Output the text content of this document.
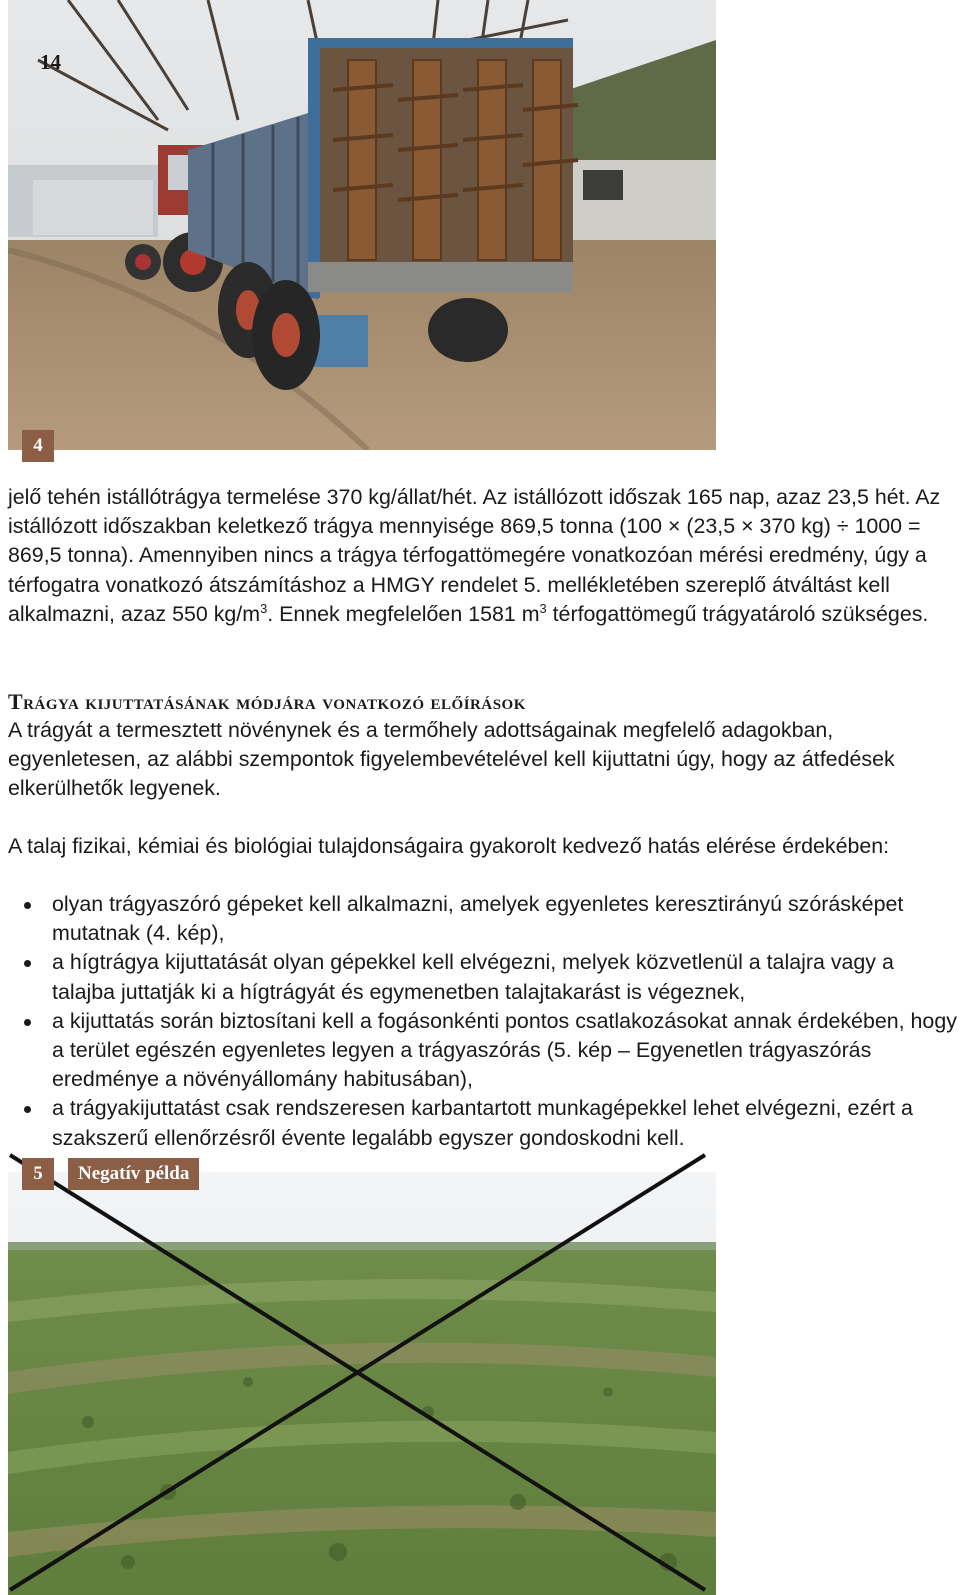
4
14

jelő tehén istállótrágya termelése 370 kg/állat/hét. Az istállózott időszak 165 nap, azaz 23,5 hét. Az istállózott időszakban keletkező trágya mennyisége 869,5 tonna (100 × (23,5 × 370 kg) ÷ 1000 = 869,5 tonna). Amennyiben nincs a trágya térfogattömegére vonatkozóan mérési eredmény, úgy a térfogatra vonatkozó átszámításhoz a HMGY rendelet 5. mellékletében szereplő átváltást kell alkalmazni, azaz 550 $kg/m^3$. Ennek megfelelően 1581 $m^3$ térfogattömegű trágyatároló szükséges.

Trágya kijuttatásának módjára vonatkozó előírások

A trágyát a termesztett növénynek és a termőhely adottságainak megfelelő adagokban, egyenletesen, az alábbi szempontok figyelembevételével kell kijuttatni úgy, hogy az átfedések elkerülhetők legyenek.

A talaj fizikai, kémiai és biológiai tulajdonságaira gyakorolt kedvező hatás elérése érdekében:

olyan trágyaszóró gépeket kell alkalmazni, amelyek egyenletes keresztirányú szórásképet mutatnak (4. kép),
a hígtrágya kijuttatását olyan gépekkel kell elvégezni, melyek közvetlenül a talajra vagy a talajba juttatják ki a hígtrágyát és egymenetben talajtakarást is végeznek,
a kijuttatás során biztosítani kell a fogásonkénti pontos csatlakozásokat annak érdekében, hogy a terület egészén egyenletes legyen a trágyaszórás (5. kép – Egyenetlen trágyaszórás eredménye a növényállomány habitusában),
a trágyakijuttatást csak rendszeresen karbantartott munkagépekkel lehet elvégezni, ezért a szakszerű ellenőrzésről évente legalább egyszer gondoskodni kell.
5	Negatív példa
